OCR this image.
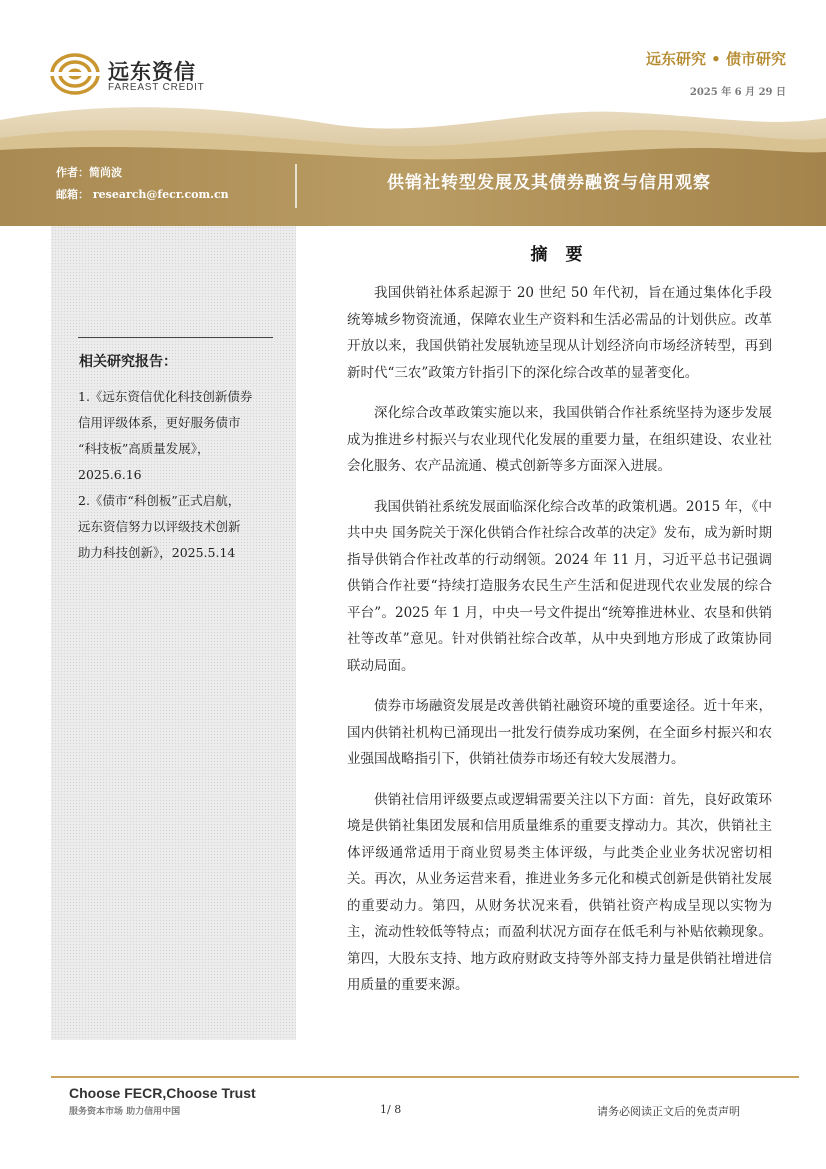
远东资信
FAREAST CREDIT
远东研究 • 债市研究
2025 年 6 月 29 日
作者：简尚波
邮箱： research@fecr.com.cn
供销社转型发展及其债券融资与信用观察
相关研究报告：
1.《远东资信优化科技创新债券
信用评级体系，更好服务债市
“科技板”高质量发展》，
2025.6.16
2.《债市“科创板”正式启航，
远东资信努力以评级技术创新
助力科技创新》，2025.5.14
摘 要

我国供销社体系起源于 20 世纪 50 年代初，旨在通过集体化手段统筹城乡物资流通，保障农业生产资料和生活必需品的计划供应。改革开放以来，我国供销社发展轨迹呈现从计划经济向市场经济转型，再到新时代“三农”政策方针指引下的深化综合改革的显著变化。

深化综合改革政策实施以来，我国供销合作社系统坚持为逐步发展成为推进乡村振兴与农业现代化发展的重要力量，在组织建设、农业社会化服务、农产品流通、模式创新等多方面深入进展。

我国供销社系统发展面临深化综合改革的政策机遇。2015 年，《中共中央 国务院关于深化供销合作社综合改革的决定》发布，成为新时期指导供销合作社改革的行动纲领。2024 年 11 月，习近平总书记强调供销合作社要“持续打造服务农民生产生活和促进现代农业发展的综合平台”。2025 年 1 月，中央一号文件提出“统筹推进林业、农垦和供销社等改革”意见。针对供销社综合改革，从中央到地方形成了政策协同联动局面。

债券市场融资发展是改善供销社融资环境的重要途径。近十年来，国内供销社机构已涌现出一批发行债券成功案例，在全面乡村振兴和农业强国战略指引下，供销社债券市场还有较大发展潜力。

供销社信用评级要点或逻辑需要关注以下方面：首先，良好政策环境是供销社集团发展和信用质量维系的重要支撑动力。其次，供销社主体评级通常适用于商业贸易类主体评级，与此类企业业务状况密切相关。再次，从业务运营来看，推进业务多元化和模式创新是供销社发展的重要动力。第四，从财务状况来看，供销社资产构成呈现以实物为主，流动性较低等特点；而盈利状况方面存在低毛利与补贴依赖现象。第四，大股东支持、地方政府财政支持等外部支持力量是供销社增进信用质量的重要来源。

Choose FECR,Choose Trust
服务资本市场 助力信用中国	1/ 8	请务必阅读正文后的免责声明
